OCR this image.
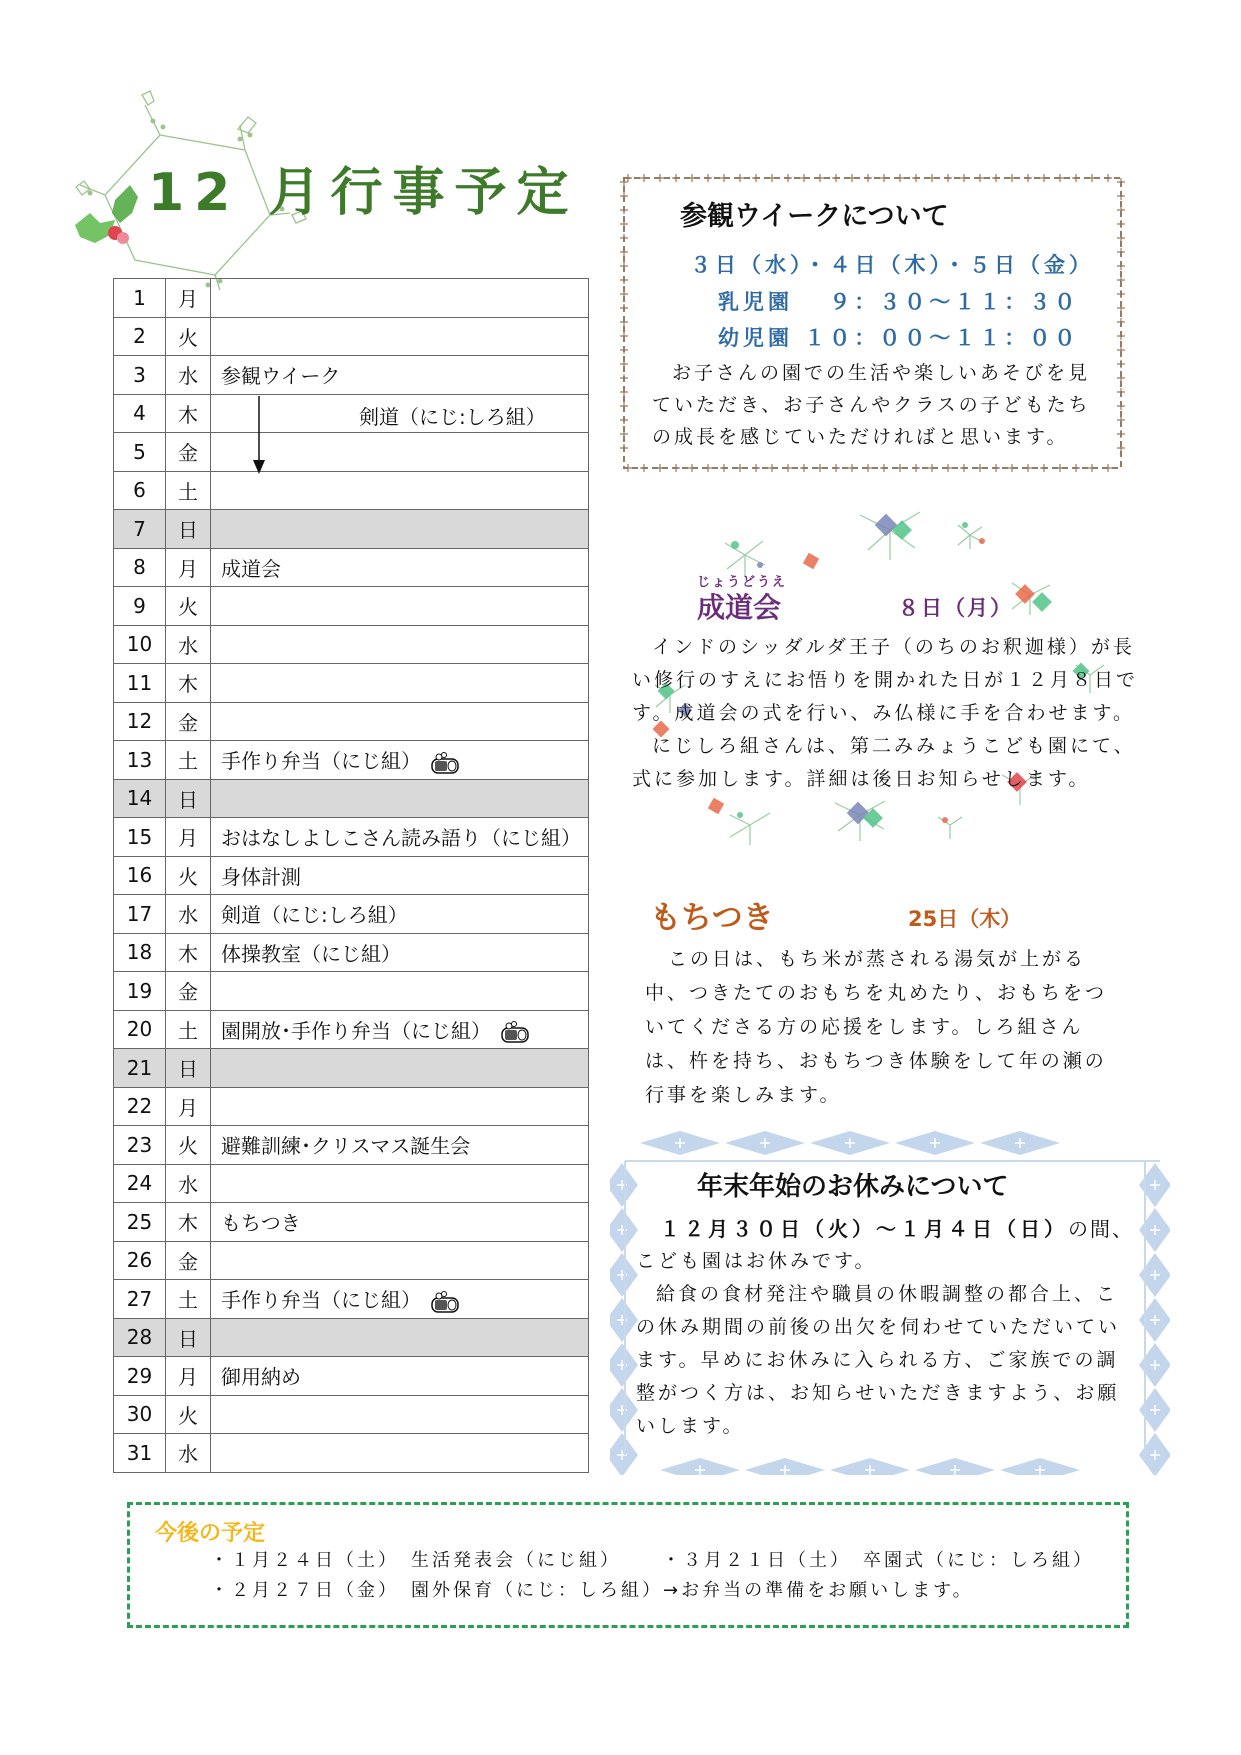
12 月行事予定
1	月	
2	火	
3	水	参観ウイーク
4	木	剣道（にじ:しろ組）

5	金	
6	土	
7	日	
8	月	成道会
9	火	
10	水	
11	木	
12	金	
13	土	手作り弁当（にじ組）
14	日	
15	月	おはなしよしこさん読み語り（にじ組）
16	火	身体計測
17	水	剣道（にじ:しろ組）
18	木	体操教室（にじ組）
19	金	
20	土	園開放･手作り弁当（にじ組）
21	日	
22	月	
23	火	避難訓練･クリスマス誕生会
24	水	
25	木	もちつき
26	金	
27	土	手作り弁当（にじ組）
28	日	
29	月	御用納め
30	火	
31	水	
参観ウイークについて
３日（水）・４日（木）・５日（金）
乳児園　 ９：３０～１１：３０
幼児園 １０：００～１１：００
お子さんの園での生活や楽しいあそびを見
ていただき、お子さんやクラスの子どもたち
の成長を感じていただければと思います。
じょうどうえ
成道会	８日（月）
インドのシッダルダ王子（のちのお釈迦様）が長
い修行のすえにお悟りを開かれた日が１２月８日で
す。成道会の式を行い、み仏様に手を合わせます。
にじしろ組さんは、第二みみょうこども園にて、
式に参加します。詳細は後日お知らせします。
もちつき	25日（木）
この日は、もち米が蒸される湯気が上がる
中、つきたてのおもちを丸めたり、おもちをつ
いてくださる方の応援をします。しろ組さん
は、杵を持ち、おもちつき体験をして年の瀬の
行事を楽しみます。
年末年始のお休みについて
１２月３０日（火）～１月４日（日）の間、
こども園はお休みです。
給食の食材発注や職員の休暇調整の都合上、こ
の休み期間の前後の出欠を伺わせていただいてい
ます。早めにお休みに入られる方、ご家族での調
整がつく方は、お知らせいただきますよう、お願
いします。
今後の予定
・１月２４日（土）　生活発表会（にじ組） ・３月２１日（土）　卒園式（にじ：しろ組）
・２月２７日（金）　園外保育（にじ：しろ組）→お弁当の準備をお願いします。
